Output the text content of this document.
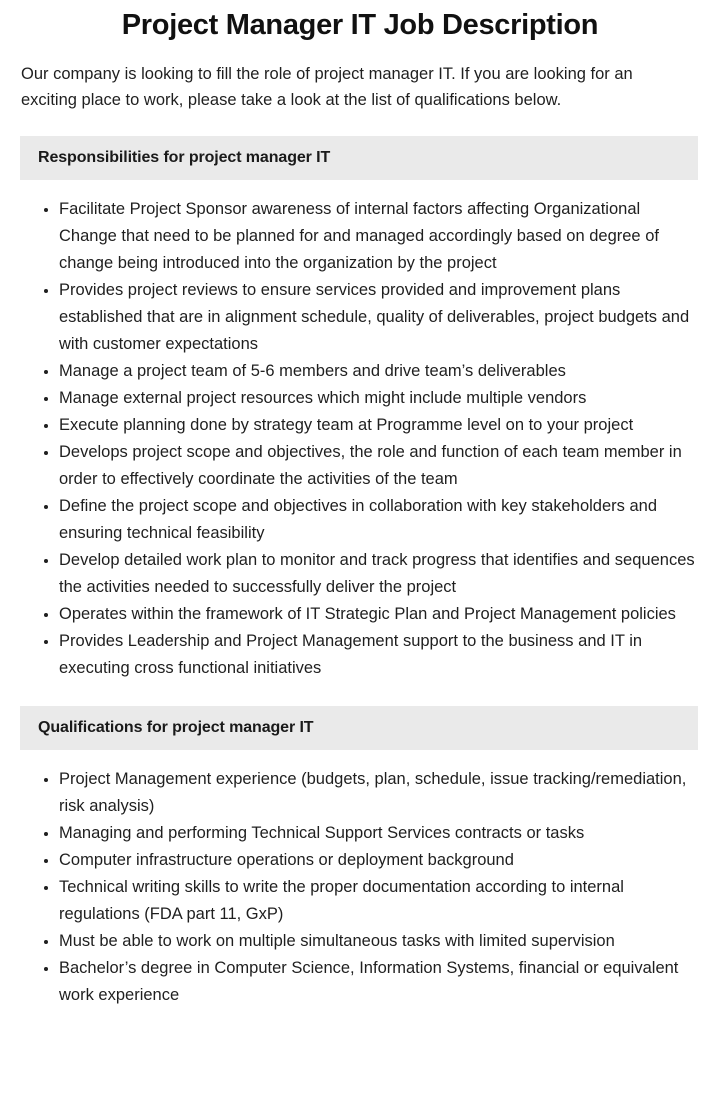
Project Manager IT Job Description

Our company is looking to fill the role of project manager IT. If you are looking for an exciting place to work, please take a look at the list of qualifications below.

Responsibilities for project manager IT
Facilitate Project Sponsor awareness of internal factors affecting Organizational Change that need to be planned for and managed accordingly based on degree of change being introduced into the organization by the project
Provides project reviews to ensure services provided and improvement plans established that are in alignment schedule, quality of deliverables, project budgets and with customer expectations
Manage a project team of 5-6 members and drive team’s deliverables
Manage external project resources which might include multiple vendors
Execute planning done by strategy team at Programme level on to your project
Develops project scope and objectives, the role and function of each team member in order to effectively coordinate the activities of the team
Define the project scope and objectives in collaboration with key stakeholders and ensuring technical feasibility
Develop detailed work plan to monitor and track progress that identifies and sequences the activities needed to successfully deliver the project
Operates within the framework of IT Strategic Plan and Project Management policies
Provides Leadership and Project Management support to the business and IT in executing cross functional initiatives
Qualifications for project manager IT
Project Management experience (budgets, plan, schedule, issue tracking/remediation, risk analysis)
Managing and performing Technical Support Services contracts or tasks
Computer infrastructure operations or deployment background
Technical writing skills to write the proper documentation according to internal regulations (FDA part 11, GxP)
Must be able to work on multiple simultaneous tasks with limited supervision
Bachelor’s degree in Computer Science, Information Systems, financial or equivalent work experience
